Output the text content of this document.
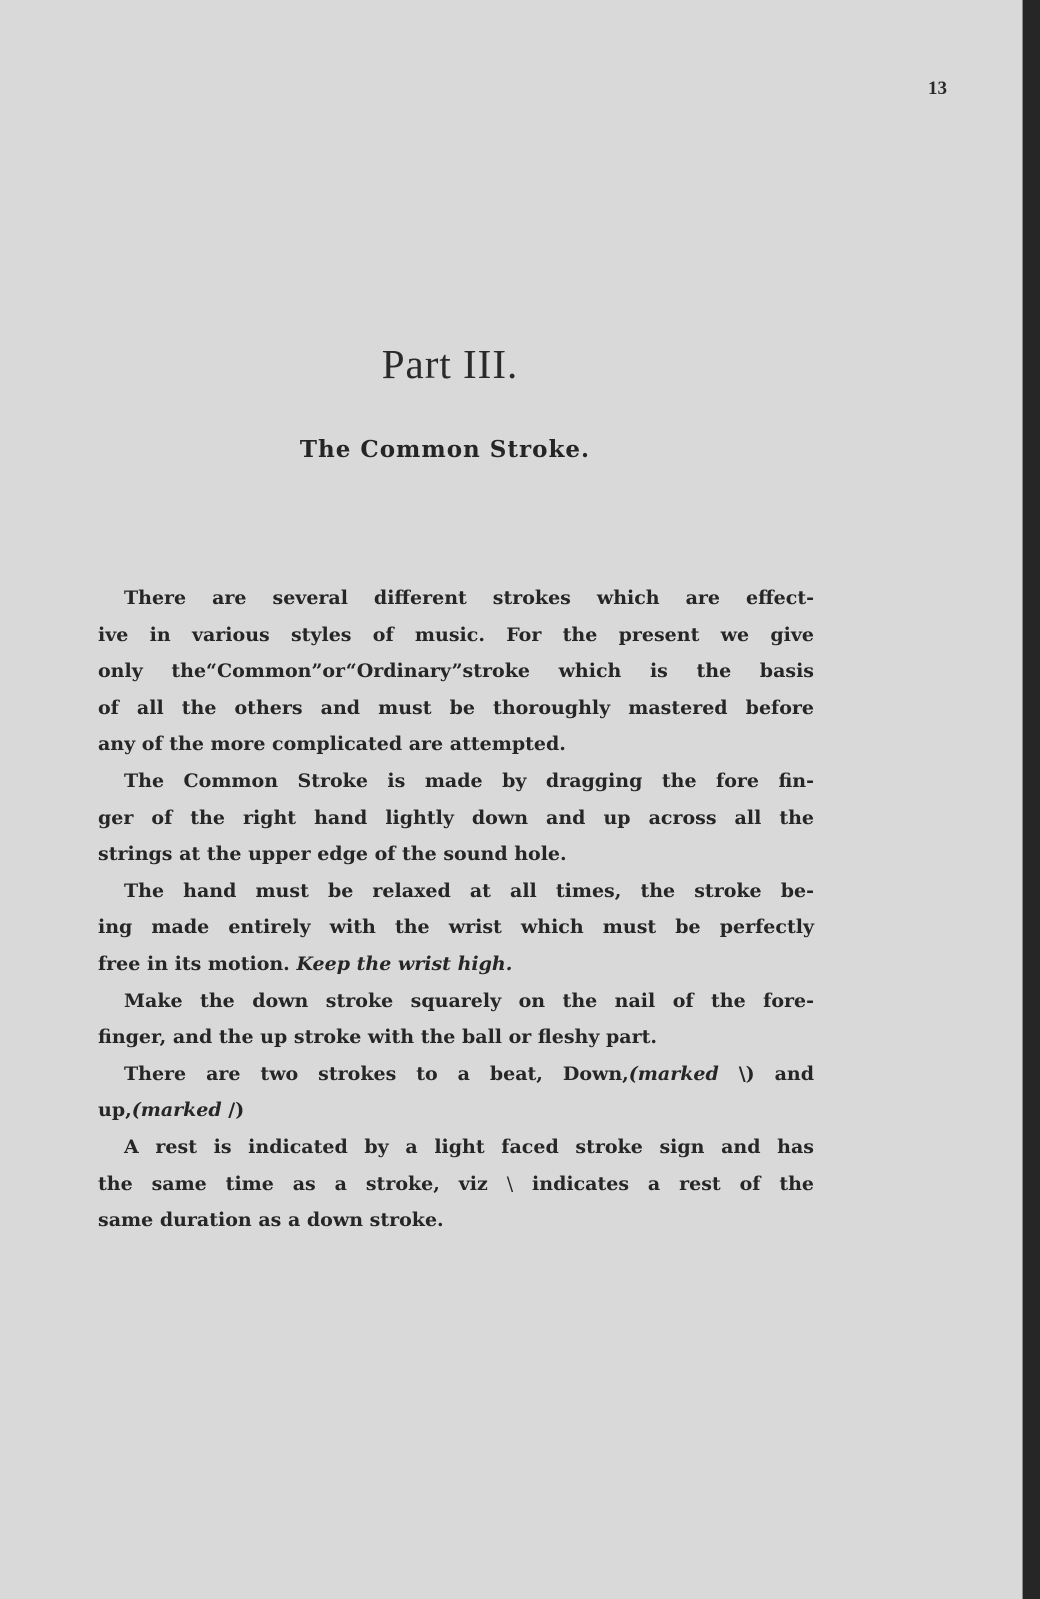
13
Part III.
The Common Stroke.
There are several different strokes which are effect-
ive in various styles of music. For the present we give
only the“Common”or“Ordinary”stroke which is the basis
of all the others and must be thoroughly mastered before
any of the more complicated are attempted.
The Common Stroke is made by dragging the fore fin-
ger of the right hand lightly down and up across all the
strings at the upper edge of the sound hole.
The hand must be relaxed at all times, the stroke be-
ing made entirely with the wrist which must be perfectly
free in its motion. Keep the wrist high.
Make the down stroke squarely on the nail of the fore-
finger, and the up stroke with the ball or fleshy part.
There are two strokes to a beat, Down,(marked \) and
up,(marked /)
A rest is indicated by a light faced stroke sign and has
the same time as a stroke, viz \ indicates a rest of the
same duration as a down stroke.
